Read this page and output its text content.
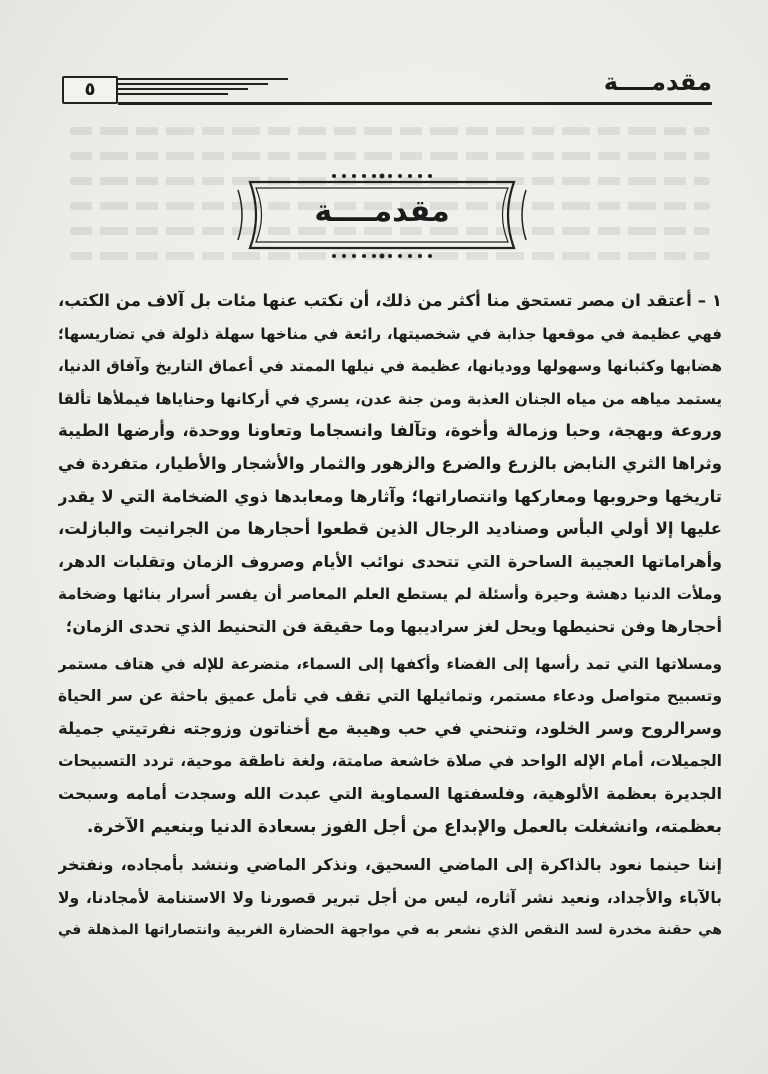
٥	مقدمــــة
مقدمــــة
١ – أعتقد ان مصر تستحق منا أكثر من ذلك، أن نكتب عنها مئات بل آلاف من الكتب،
فهي عظيمة في موقعها جذابة في شخصيتها، رائعة في مناخها سهلة ذلولة في تضاريسها؛
هضابها وكثبانها وسهولها ووديانها، عظيمة في نيلها الممتد في أعماق التاريخ وآفاق الدنيا،
يستمد مياهه من مياه الجنان العذبة ومن جنة عدن، يسري في أركانها وحناياها فيملأها تألقا
وروعة وبهجة، وحبا وزمالة وأخوة، وتآلفا وانسجاما وتعاونا ووحدة، وأرضها الطيبة
وثراها الثري النابض بالزرع والضرع والزهور والثمار والأشجار والأطيار، متفردة في
تاريخها وحروبها ومعاركها وانتصاراتها؛ وآثارها ومعابدها ذوي الضخامة التي لا يقدر
عليها إلا أولي البأس وصناديد الرجال الذين قطعوا أحجارها من الجرانيت والبازلت،
وأهراماتها العجيبة الساحرة التي تتحدى نوائب الأيام وصروف الزمان وتقلبات الدهر،
وملأت الدنيا دهشة وحيرة وأسئلة لم يستطع العلم المعاصر أن يفسر أسرار بنائها وضخامة
أحجارها وفن تحنيطها ويحل لغز سراديبها وما حقيقة فن التحنيط الذي تحدى الزمان؛
ومسلاتها التي تمد رأسها إلى الفضاء وأكفها إلى السماء، متضرعة للإله في هتاف مستمر
وتسبيح متواصل ودعاء مستمر، وتماثيلها التي تقف في تأمل عميق باحثة عن سر الحياة
وسرالروح وسر الخلود، وتنحني في حب وهيبة مع أخناتون وزوجته نفرتيتي جميلة
الجميلات، أمام الإله الواحد في صلاة خاشعة صامتة، ولغة ناطقة موحية، تردد التسبيحات
الجديرة بعظمة الألوهية، وفلسفتها السماوية التي عبدت الله وسجدت أمامه وسبحت
بعظمته، وانشغلت بالعمل والإبداع من أجل الفوز بسعادة الدنيا وبنعيم الآخرة.
إننا حينما نعود بالذاكرة إلى الماضي السحيق، ونذكر الماضي وننشد بأمجاده، ونفتخر
بالآباء والأجداد، ونعيد نشر آثاره، ليس من أجل تبرير قصورنا ولا الاستنامة لأمجادنا، ولا
هي حقنة مخدرة لسد النقص الذي نشعر به في مواجهة الحضارة الغربية وانتصاراتها المذهلة في
